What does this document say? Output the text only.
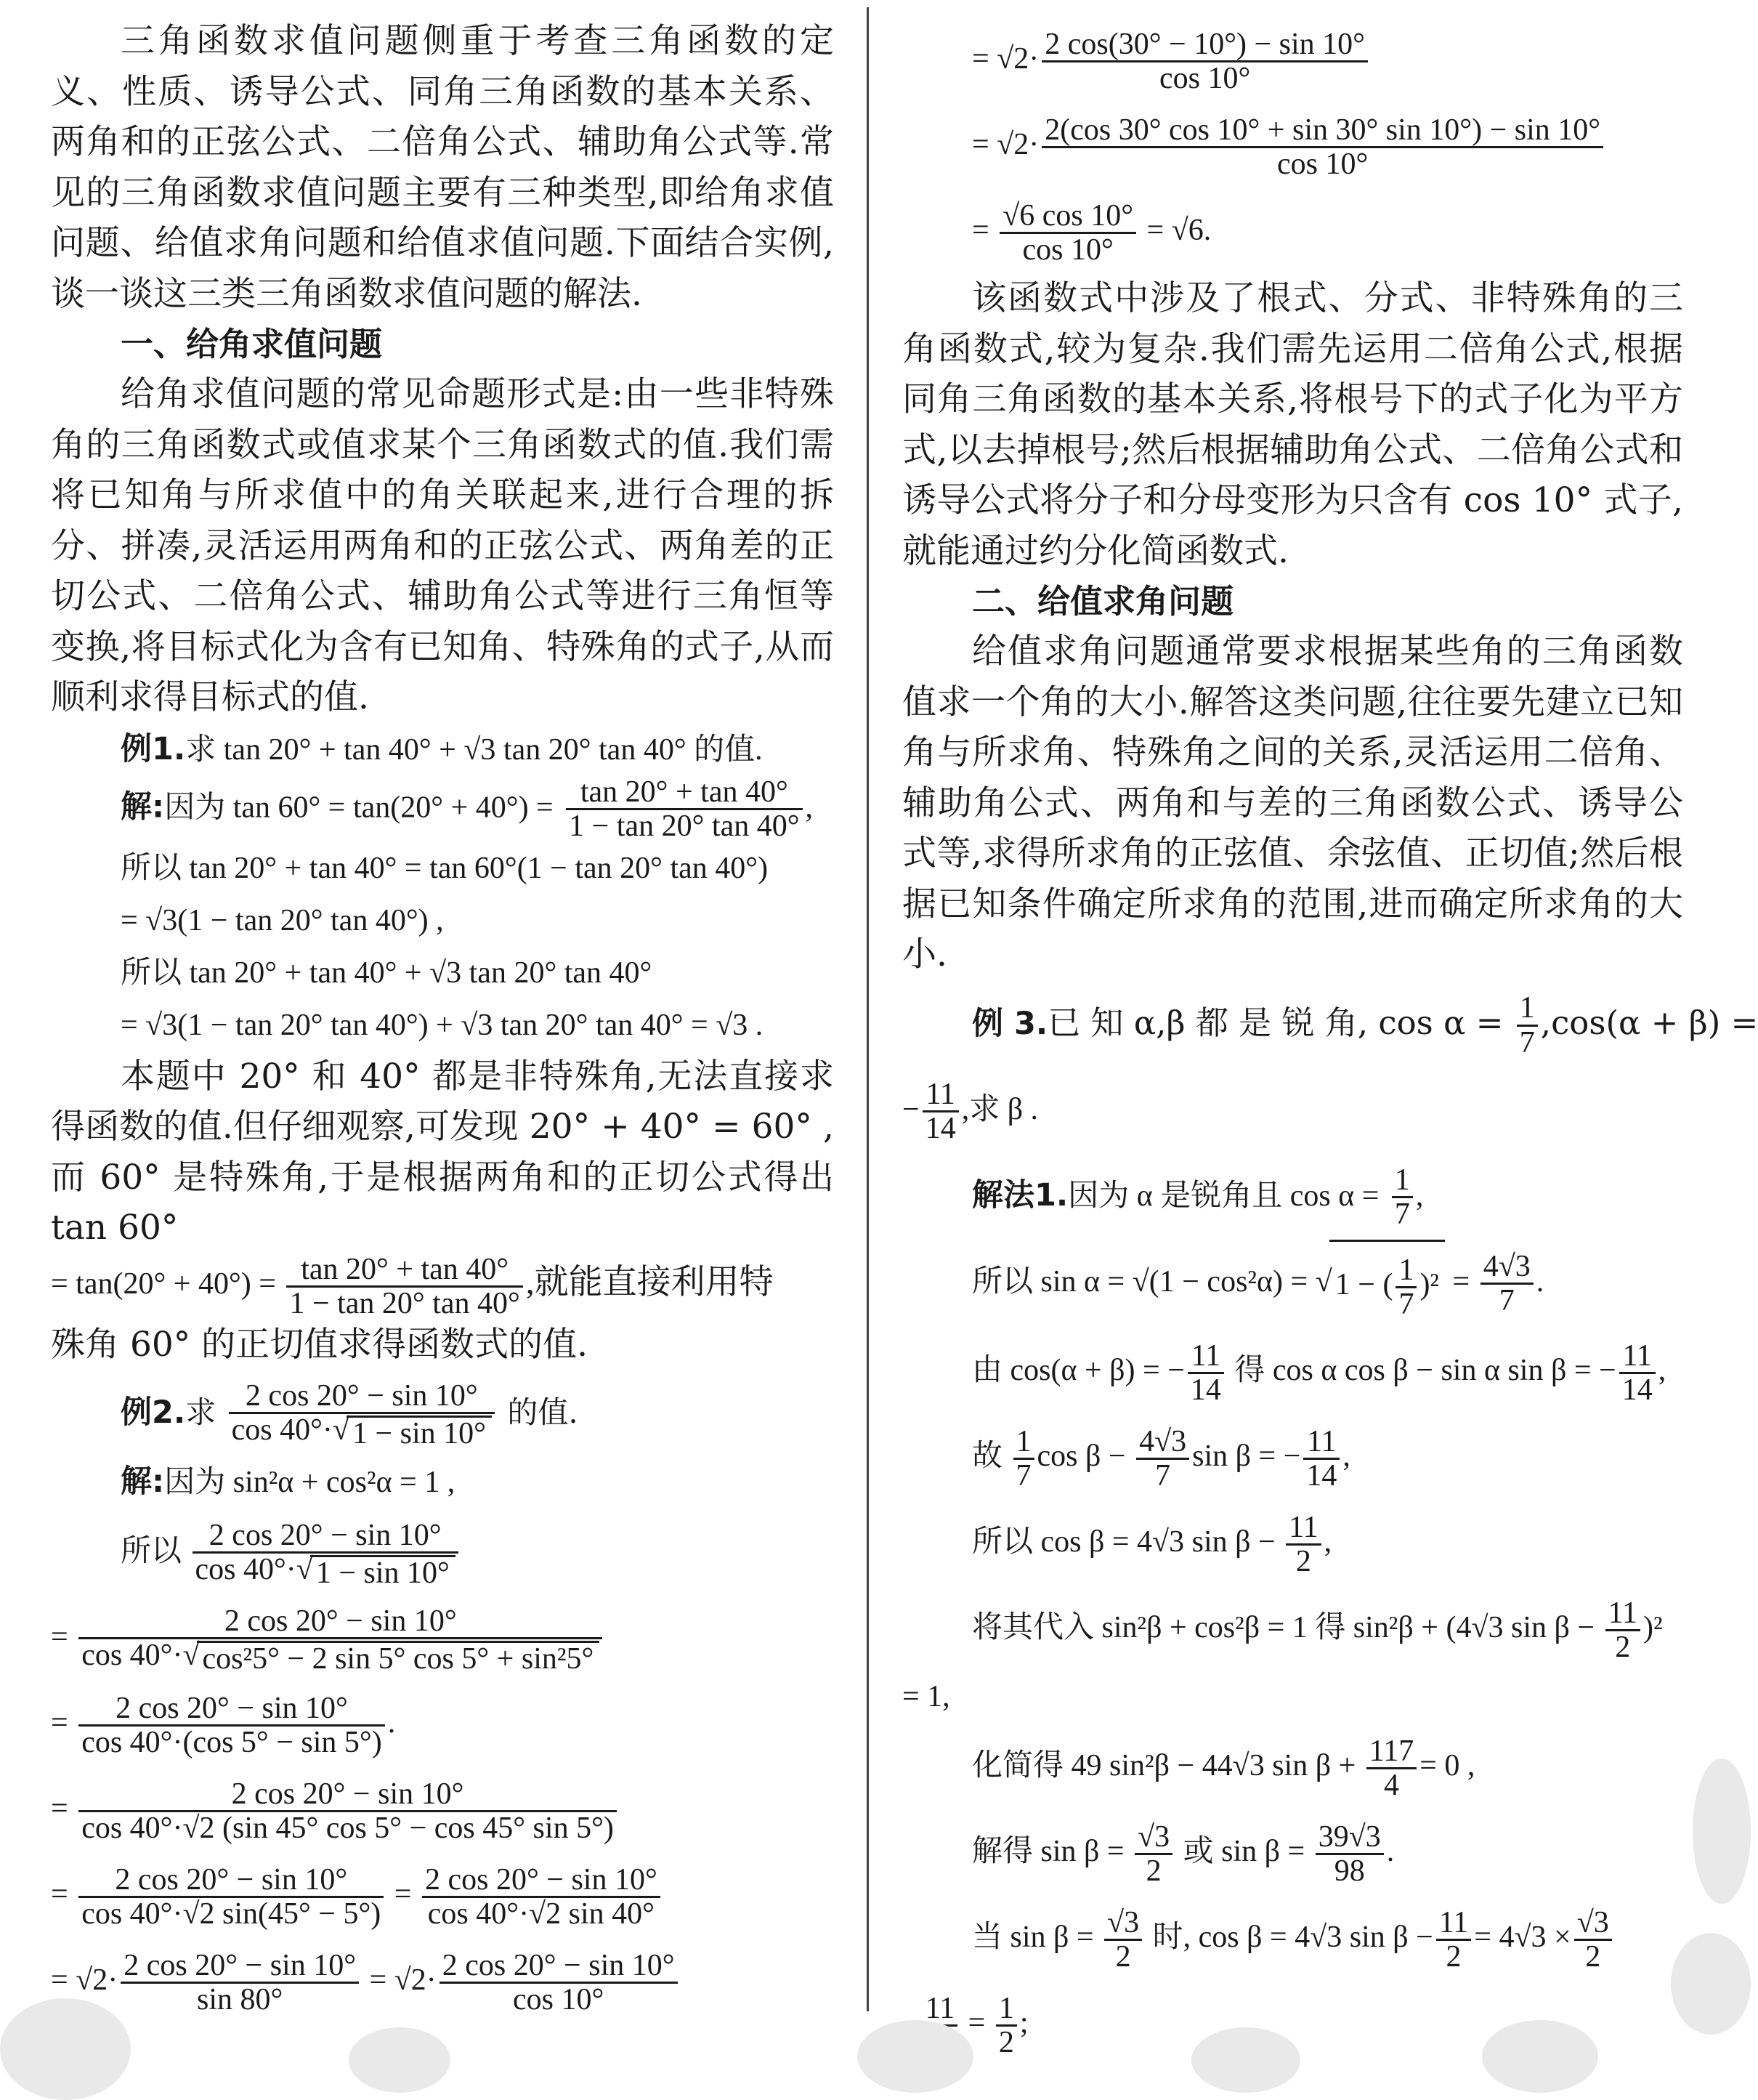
三角函数求值问题侧重于考查三角函数的定义、性质、诱导公式、同角三角函数的基本关系、两角和的正弦公式、二倍角公式、辅助角公式等.常见的三角函数求值问题主要有三种类型,即给角求值问题、给值求角问题和给值求值问题.下面结合实例,谈一谈这三类三角函数求值问题的解法.

一、给角求值问题

给角求值问题的常见命题形式是:由一些非特殊角的三角函数式或值求某个三角函数式的值.我们需将已知角与所求值中的角关联起来,进行合理的拆分、拼凑,灵活运用两角和的正弦公式、两角差的正切公式、二倍角公式、辅助角公式等进行三角恒等变换,将目标式化为含有已知角、特殊角的式子,从而顺利求得目标式的值.

例1.求 tan 20° + tan 40° + √3 tan 20° tan 40° 的值.

解:因为 $\tan 60^\circ = \tan(20^\circ + 40^\circ) = \frac{\tan 20^\circ + \tan 40^\circ}{1 - \tan 20^\circ \tan 40^\circ}$ ,

所以 tan 20° + tan 40° = tan 60°(1 − tan 20° tan 40°)

= √3(1 − tan 20° tan 40°) ,

所以 tan 20° + tan 40° + √3 tan 20° tan 40°

= √3(1 − tan 20° tan 40°) + √3 tan 20° tan 40° = √3 .

本题中 20° 和 40° 都是非特殊角,无法直接求得函数的值.但仔细观察,可发现 20° + 40° = 60° ,而 60° 是特殊角,于是根据两角和的正切公式得出 tan 60°

= $\tan(20^\circ + 40^\circ) = \frac{\tan 20^\circ + \tan 40^\circ}{1 - \tan 20^\circ \tan 40^\circ}$ ,就能直接利用特

殊角 60° 的正切值求得函数式的值.

例2.求 $\frac{2 \cos 20^\circ - \sin 10^\circ}{\cos 40^\circ\cdot√1 - \sin 10^\circ}$ 的值.

解:因为 sin²α + cos²α = 1 ,

所以 $\frac{2 \cos 20^\circ - \sin 10^\circ}{\cos 40^\circ\cdot√1 - \sin 10^\circ}$

= $\frac{2 \cos 20^\circ - \sin 10^\circ}{\text{cos 40°·√cos²5° − 2 sin 5° cos 5° + sin²5°}}$

= $\frac{2 \cos 20^\circ - \sin 10^\circ}{\cos 40^\circ\cdot(\cos 5^\circ - \sin 5^\circ)}$ .

= $\frac{2 \cos 20^\circ - \sin 10^\circ}{\cos 40^\circ\cdot√2 (\sin 45^\circ \cos 5^\circ - \cos 45^\circ \sin 5^\circ)}$

= $\frac{2 \cos 20^\circ - \sin 10^\circ}{\cos 40^\circ\cdot√2 \sin(45^\circ - 5^\circ)} = \frac{2 \cos 20^\circ - \sin 10^\circ}{\cos 40^\circ\cdot√2 \sin 40^\circ}$

= $√2\cdot \frac{2 \cos 20^\circ - \sin 10^\circ}{\sin 80^\circ} = √2\cdot \frac{2 \cos 20^\circ - \sin 10^\circ}{\cos 10^\circ}$

= $√2\cdot \frac{2 \cos(30^\circ - 10^\circ) - \sin 10^\circ}{\cos 10^\circ}$

= $√2\cdot \frac{2(\cos 30^\circ \cos 10^\circ + \sin 30^\circ \sin 10^\circ) - \sin 10^\circ}{\cos 10^\circ}$

= $\frac{√6 \cos 10^\circ}{\cos 10^\circ} = √6$.

该函数式中涉及了根式、分式、非特殊角的三角函数式,较为复杂.我们需先运用二倍角公式,根据同角三角函数的基本关系,将根号下的式子化为平方式,以去掉根号;然后根据辅助角公式、二倍角公式和诱导公式将分子和分母变形为只含有 cos 10° 式子,就能通过约分化简函数式.

二、给值求角问题

给值求角问题通常要求根据某些角的三角函数值求一个角的大小.解答这类问题,往往要先建立已知角与所求角、特殊角之间的关系,灵活运用二倍角、辅助角公式、两角和与差的三角函数公式、诱导公式等,求得所求角的正弦值、余弦值、正切值;然后根据已知条件确定所求角的范围,进而确定所求角的大小.

例 3.已 知 α,β 都 是 锐 角, $\cos \alpha = \frac{1}{7} ,\cos(\alpha + \beta)$ =

− $\frac{11}{14}$ ,求 β .

解法1.因为 α 是锐角且 $\cos \alpha = \frac{1}{7}$ ,

所以 sin α = √(1 − cos²α) = √1 − ( $\frac{1}{7} )^2 = \frac{4√3}{7}$ .

由 cos(α + β) = − $\frac{11}{14}$ 得 cos α cos β − sin α sin β = − $\frac{11}{14}$ ,

故 $\frac{1}{7}$ $\cos \beta - \frac{4√3}{7}$ sin β = − $\frac{11}{14}$ ,

所以 cos β = 4√3 $\sin \beta - \frac{11}{2}$ ,

将其代入 sin²β + cos²β = 1 得 sin²β + (4√3 $\sin \beta - \frac{11}{2} )^2$

= 1,

化简得 49 sin²β − 44√3 $\sin \beta + \frac{117}{4} = 0$ ,

解得 $\sin \beta = \frac{√3}{2}$ 或 $\sin \beta = \frac{39√3}{98}$ .

当 $\sin \beta = \frac{√3}{2}$ 时, cos β = 4√3 $\sin \beta - \frac{11}{2} = 4√3 \times \frac{√3}{2}$

$11 = \frac{1}{2}$ ;
